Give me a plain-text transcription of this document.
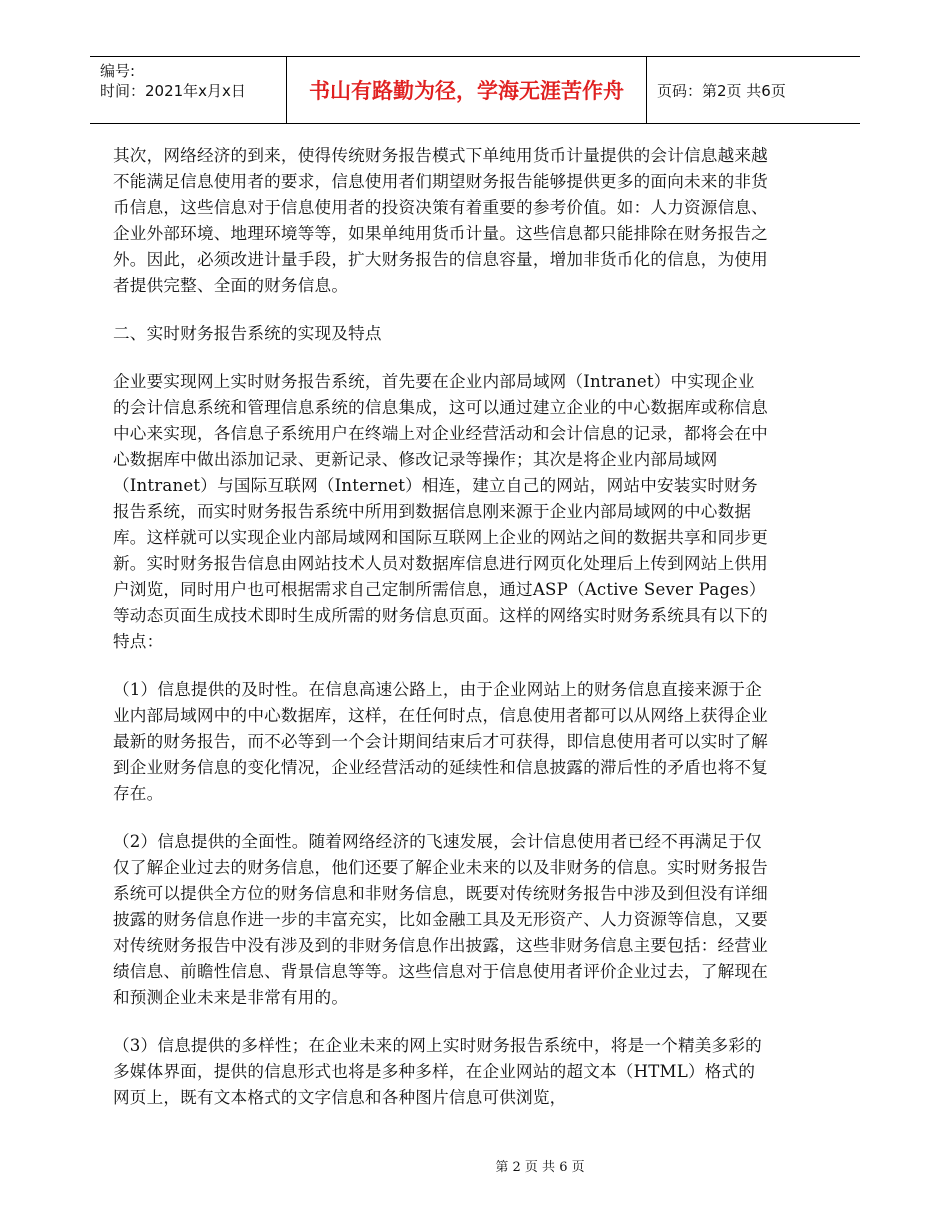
编号:
时间：2021年x月x日	书山有路勤为径，学海无涯苦作舟	页码：第2页 共6页

其次，网络经济的到来，使得传统财务报告模式下单纯用货币计量提供的会计信息越来越不能满足信息使用者的要求，信息使用者们期望财务报告能够提供更多的面向未来的非货币信息，这些信息对于信息使用者的投资决策有着重要的参考价值。如：人力资源信息、企业外部环境、地理环境等等，如果单纯用货币计量。这些信息都只能排除在财务报告之外。因此，必须改进计量手段，扩大财务报告的信息容量，增加非货币化的信息，为使用者提供完整、全面的财务信息。

二、实时财务报告系统的实现及特点

企业要实现网上实时财务报告系统，首先要在企业内部局域网（Intranet）中实现企业的会计信息系统和管理信息系统的信息集成，这可以通过建立企业的中心数据库或称信息中心来实现，各信息子系统用户在终端上对企业经营活动和会计信息的记录，都将会在中心数据库中做出添加记录、更新记录、修改记录等操作；其次是将企业内部局域网（Intranet）与国际互联网（Internet）相连，建立自己的网站，网站中安装实时财务报告系统，而实时财务报告系统中所用到数据信息刚来源于企业内部局域网的中心数据库。这样就可以实现企业内部局域网和国际互联网上企业的网站之间的数据共享和同步更新。实时财务报告信息由网站技术人员对数据库信息进行网页化处理后上传到网站上供用户浏览，同时用户也可根据需求自己定制所需信息，通过ASP（Active Sever Pages）等动态页面生成技术即时生成所需的财务信息页面。这样的网络实时财务系统具有以下的特点：

（1）信息提供的及时性。在信息高速公路上，由于企业网站上的财务信息直接来源于企业内部局域网中的中心数据库，这样，在任何时点，信息使用者都可以从网络上获得企业最新的财务报告，而不必等到一个会计期间结束后才可获得，即信息使用者可以实时了解到企业财务信息的变化情况，企业经营活动的延续性和信息披露的滞后性的矛盾也将不复存在。

（2）信息提供的全面性。随着网络经济的飞速发展，会计信息使用者已经不再满足于仅仅了解企业过去的财务信息，他们还要了解企业未来的以及非财务的信息。实时财务报告系统可以提供全方位的财务信息和非财务信息，既要对传统财务报告中涉及到但没有详细披露的财务信息作进一步的丰富充实，比如金融工具及无形资产、人力资源等信息，又要对传统财务报告中没有涉及到的非财务信息作出披露，这些非财务信息主要包括：经营业绩信息、前瞻性信息、背景信息等等。这些信息对于信息使用者评价企业过去，了解现在和预测企业未来是非常有用的。

（3）信息提供的多样性；在企业未来的网上实时财务报告系统中，将是一个精美多彩的多媒体界面，提供的信息形式也将是多种多样，在企业网站的超文本（HTML）格式的网页上，既有文本格式的文字信息和各种图片信息可供浏览，

第 2 页 共 6 页
